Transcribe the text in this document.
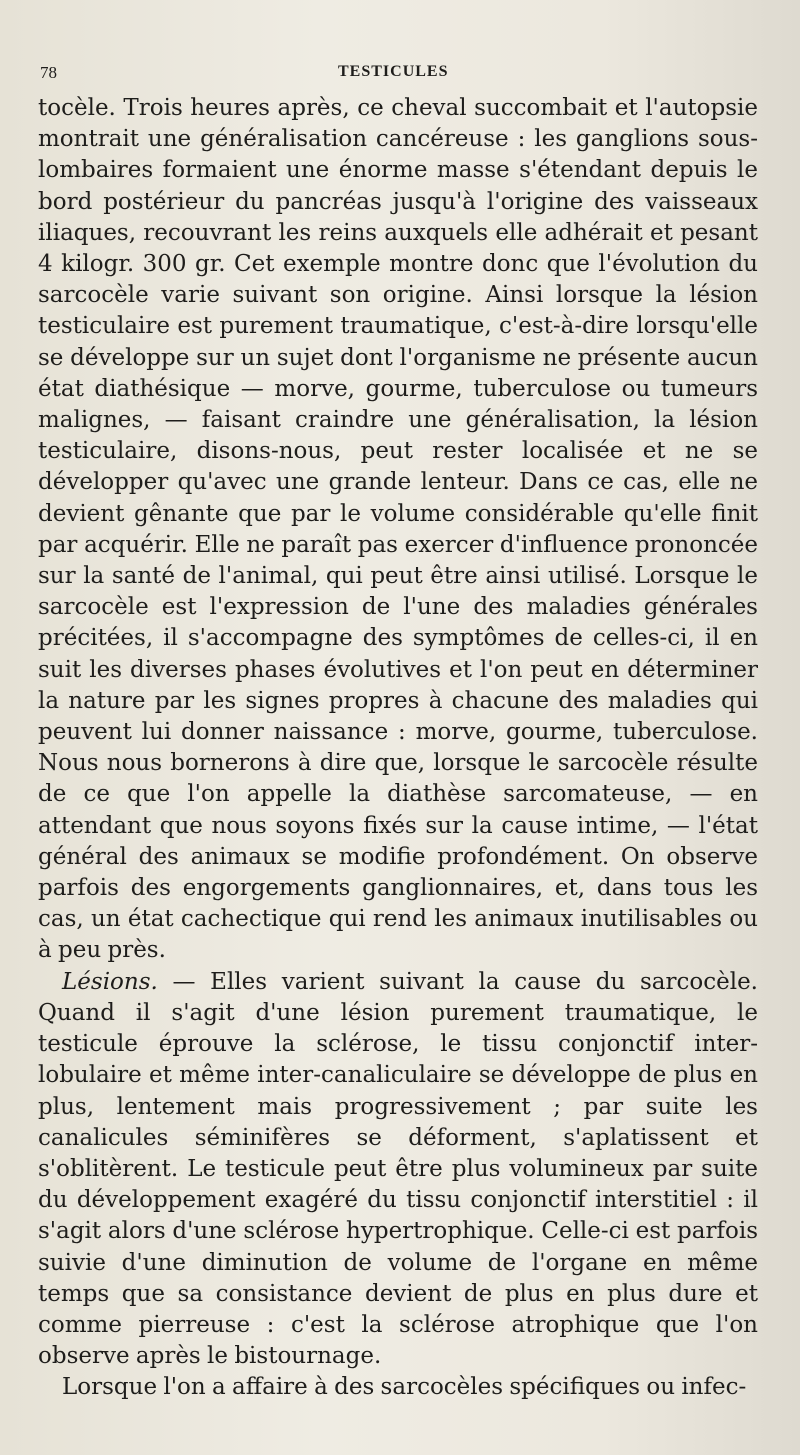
78	TESTICULES

tocèle. Trois heures après, ce cheval succombait et l'autopsie montrait une généralisation cancéreuse : les ganglions sous-lombaires formaient une énorme masse s'étendant depuis le bord postérieur du pancréas jusqu'à l'origine des vaisseaux iliaques, recouvrant les reins auxquels elle adhérait et pesant 4 kilogr. 300 gr. Cet exemple montre donc que l'évolution du sarcocèle varie suivant son origine. Ainsi lorsque la lésion testiculaire est purement traumatique, c'est-à-dire lorsqu'elle se développe sur un sujet dont l'organisme ne présente aucun état diathésique — morve, gourme, tuberculose ou tumeurs malignes, — faisant craindre une généralisation, la lésion testiculaire, disons-nous, peut rester localisée et ne se développer qu'avec une grande lenteur. Dans ce cas, elle ne devient gênante que par le volume considérable qu'elle finit par acquérir. Elle ne paraît pas exercer d'influence prononcée sur la santé de l'animal, qui peut être ainsi utilisé. Lorsque le sarcocèle est l'expression de l'une des maladies générales précitées, il s'accompagne des symptômes de celles-ci, il en suit les diverses phases évolutives et l'on peut en déterminer la nature par les signes propres à chacune des maladies qui peuvent lui donner naissance : morve, gourme, tuberculose. Nous nous bornerons à dire que, lorsque le sarcocèle résulte de ce que l'on appelle la diathèse sarcomateuse, — en attendant que nous soyons fixés sur la cause intime, — l'état général des animaux se modifie profondément. On observe parfois des engorgements ganglionnaires, et, dans tous les cas, un état cachectique qui rend les animaux inutilisables ou à peu près.

Lésions. — Elles varient suivant la cause du sarcocèle. Quand il s'agit d'une lésion purement traumatique, le testicule éprouve la sclérose, le tissu conjonctif inter-lobulaire et même inter-canaliculaire se développe de plus en plus, lentement mais progressivement ; par suite les canalicules séminifères se déforment, s'aplatissent et s'oblitèrent. Le testicule peut être plus volumineux par suite du développement exagéré du tissu conjonctif interstitiel : il s'agit alors d'une sclérose hypertrophique. Celle-ci est parfois suivie d'une diminution de volume de l'organe en même temps que sa consistance devient de plus en plus dure et comme pierreuse : c'est la sclérose atrophique que l'on observe après le bistournage.

Lorsque l'on a affaire à des sarcocèles spécifiques ou infec-
